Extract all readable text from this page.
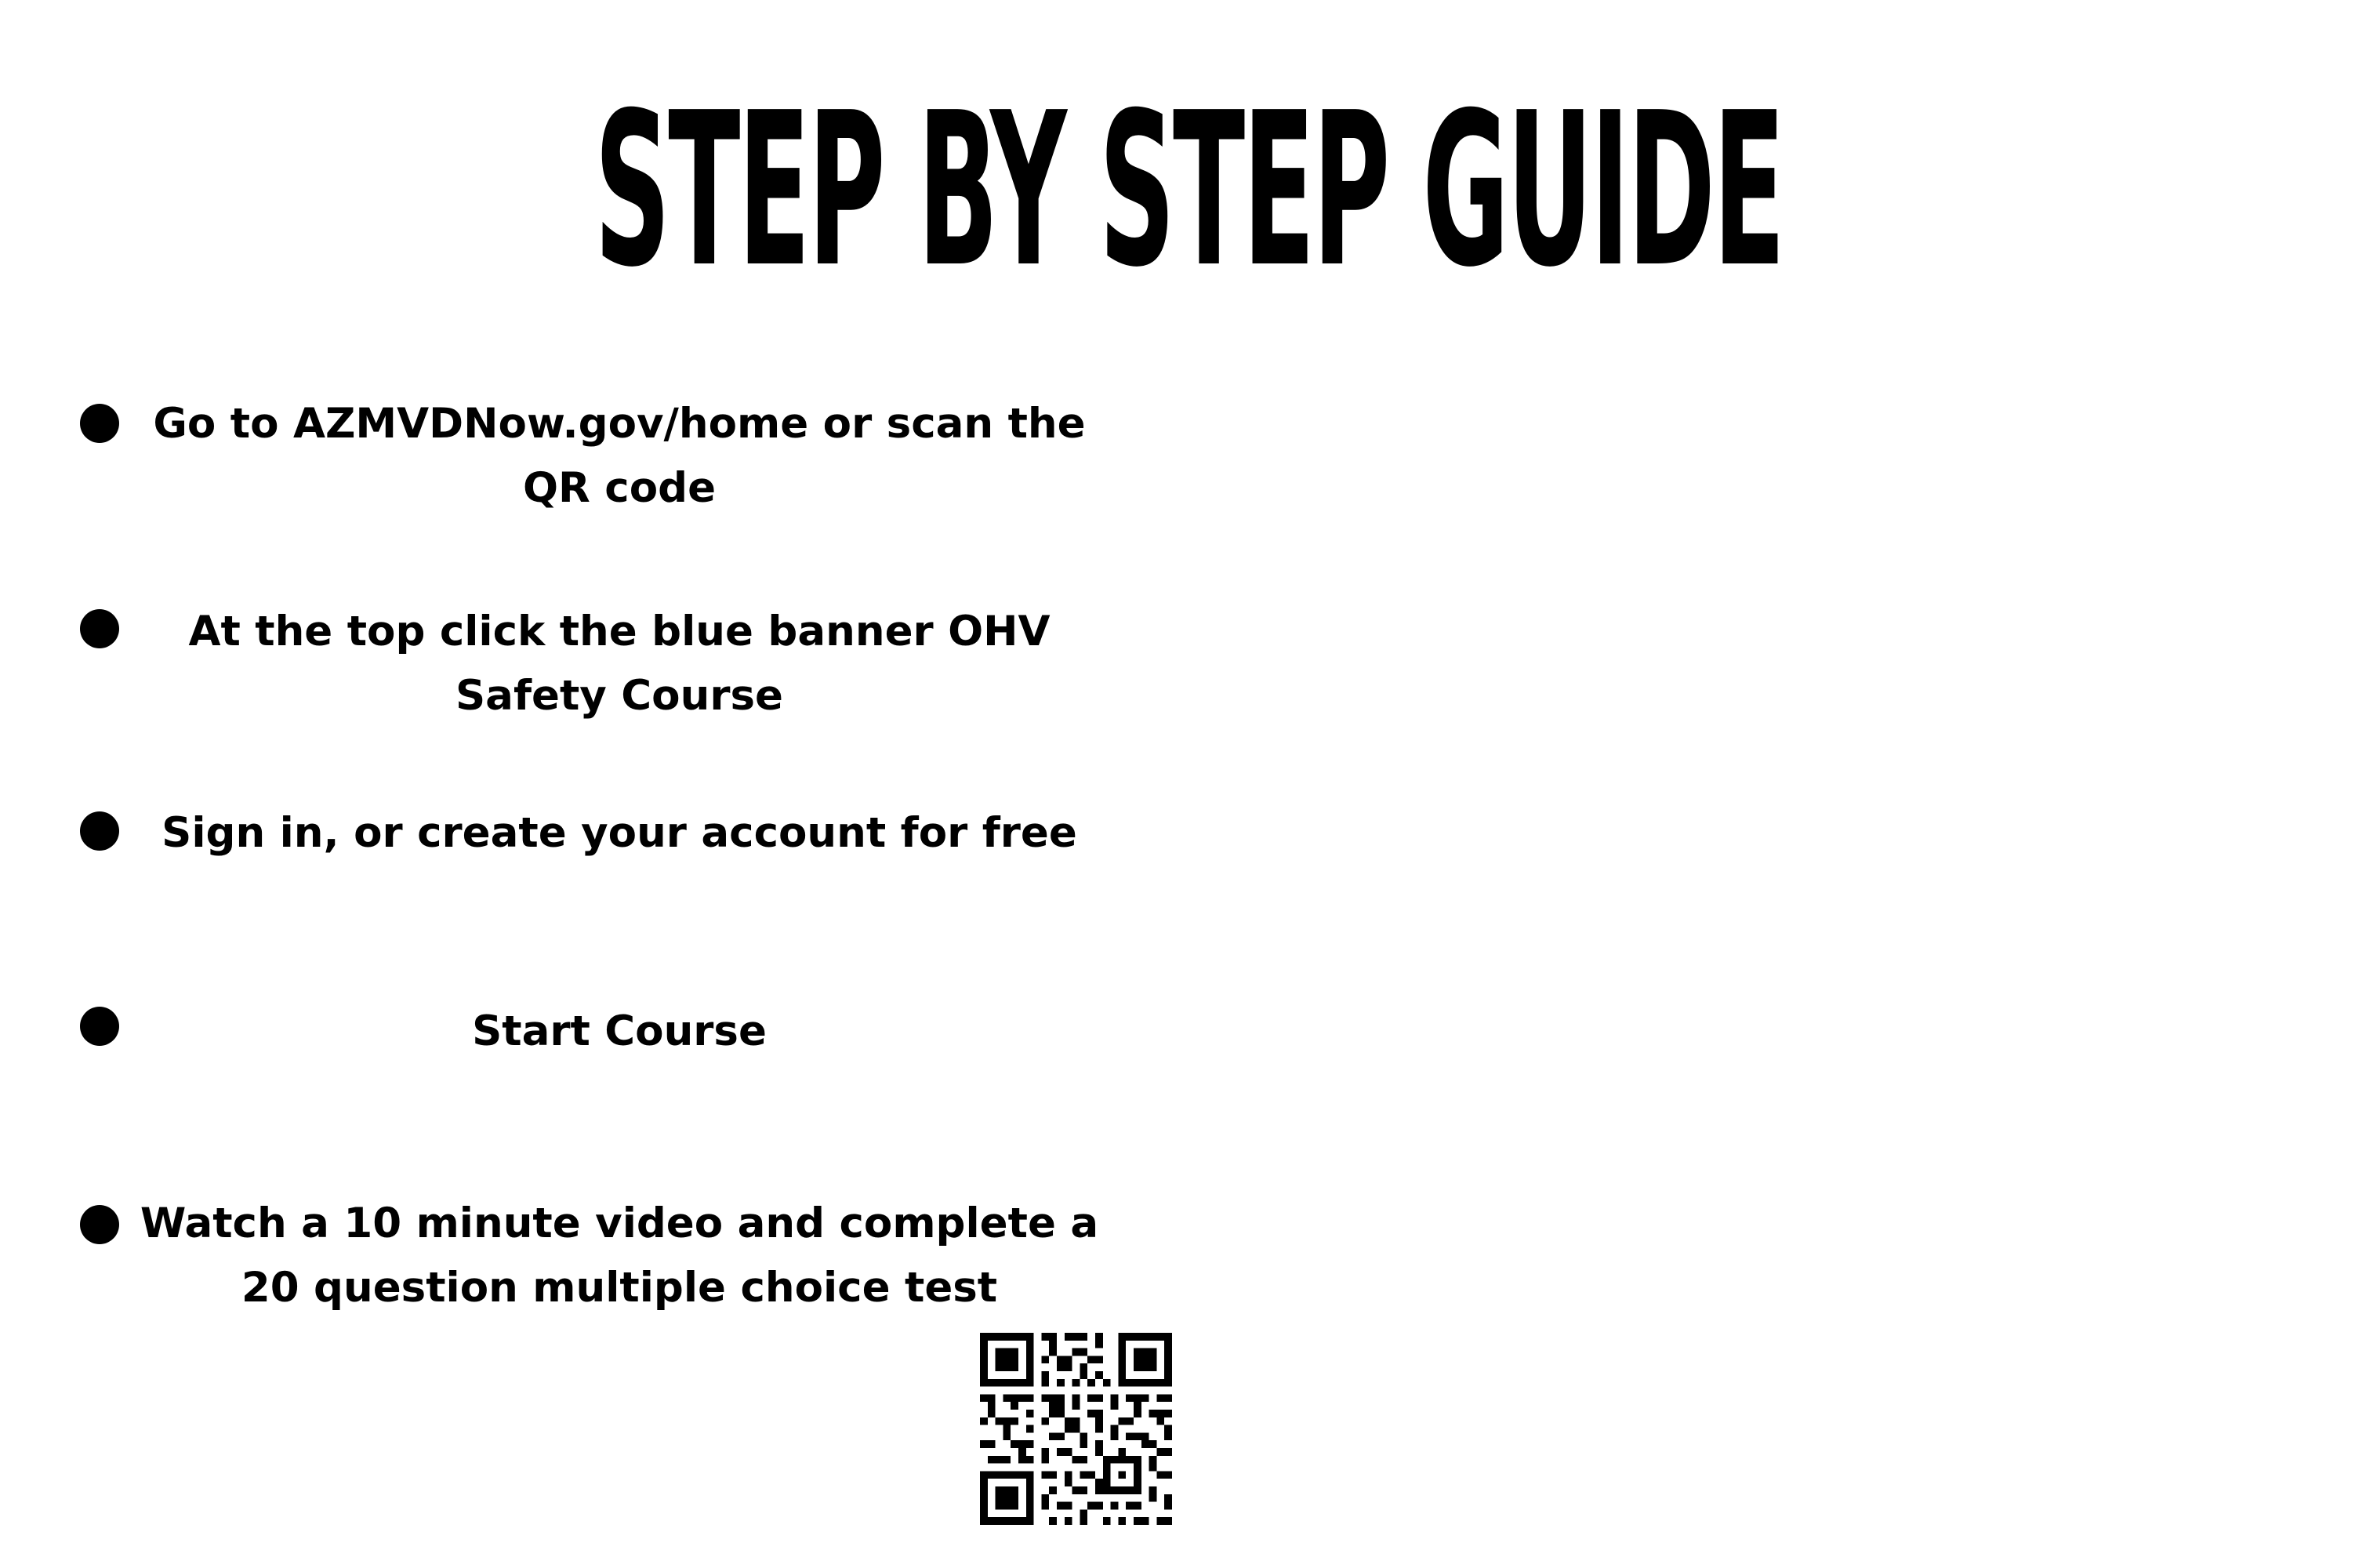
STEP BY STEP GUIDE
Go to AZMVDNow.gov/home or scan the
QR code
At the top click the blue banner OHV
Safety Course
Sign in, or create your account for free
Start Course
Watch a 10 minute video and complete a
20 question multiple choice test
